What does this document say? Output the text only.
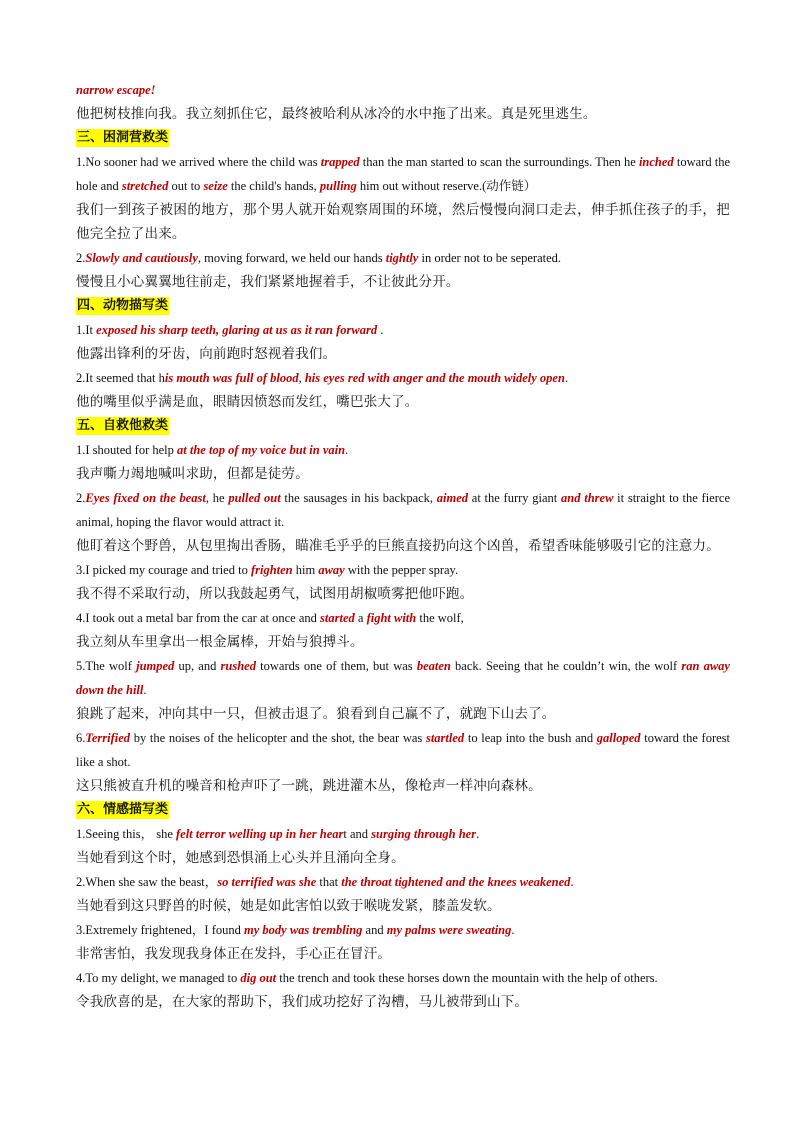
narrow escape!
他把树枝推向我。我立刻抓住它，最终被哈利从冰冷的水中拖了出来。真是死里逃生。
三、困洞营救类
1.No sooner had we arrived where the child was trapped than the man started to scan the surroundings. Then he inched toward the hole and stretched out to seize the child's hands, pulling him out without reserve.(动作链）
我们一到孩子被困的地方，那个男人就开始观察周围的环境，然后慢慢向洞口走去，伸手抓住孩子的手，把他完全拉了出来。
2.Slowly and cautiously, moving forward, we held our hands tightly in order not to be seperated.
慢慢且小心翼翼地往前走，我们紧紧地握着手，不让彼此分开。
四、动物描写类
1.It exposed his sharp teeth, glaring at us as it ran forward .
他露出锋利的牙齿，向前跑时怒视着我们。
2.It seemed that his mouth was full of blood, his eyes red with anger and the mouth widely open.
他的嘴里似乎满是血，眼睛因愤怒而发红，嘴巴张大了。
五、自救他救类
1.I shouted for help at the top of my voice but in vain.
我声嘶力竭地喊叫求助，但都是徒劳。
2.Eyes fixed on the beast, he pulled out the sausages in his backpack, aimed at the furry giant and threw it straight to the fierce animal, hoping the flavor would attract it.
他盯着这个野兽，从包里掏出香肠，瞄准毛乎乎的巨熊直接扔向这个凶兽，希望香味能够吸引它的注意力。
3.I picked my courage and tried to frighten him away with the pepper spray.
我不得不采取行动，所以我鼓起勇气，试图用胡椒喷雾把他吓跑。
4.I took out a metal bar from the car at once and started a fight with the wolf,
我立刻从车里拿出一根金属棒，开始与狼搏斗。
5.The wolf jumped up, and rushed towards one of them, but was beaten back. Seeing that he couldn’t win, the wolf ran away down the hill.
狼跳了起来，冲向其中一只，但被击退了。狼看到自己赢不了，就跑下山去了。
6.Terrified by the noises of the helicopter and the shot, the bear was startled to leap into the bush and galloped toward the forest like a shot.
这只熊被直升机的噪音和枪声吓了一跳，跳进灌木丛，像枪声一样冲向森林。
六、情感描写类
1.Seeing this， she felt terror welling up in her heart and surging through her.
当她看到这个时，她感到恐惧涌上心头并且涌向全身。
2.When she saw the beast，so terrified was she that the throat tightened and the knees weakened.
当她看到这只野兽的时候，她是如此害怕以致于喉咙发紧，膝盖发软。
3.Extremely frightened，I found my body was trembling and my palms were sweating.
非常害怕，我发现我身体正在发抖，手心正在冒汗。
4.To my delight, we managed to dig out the trench and took these horses down the mountain with the help of others.
令我欣喜的是，在大家的帮助下，我们成功挖好了沟槽，马儿被带到山下。
